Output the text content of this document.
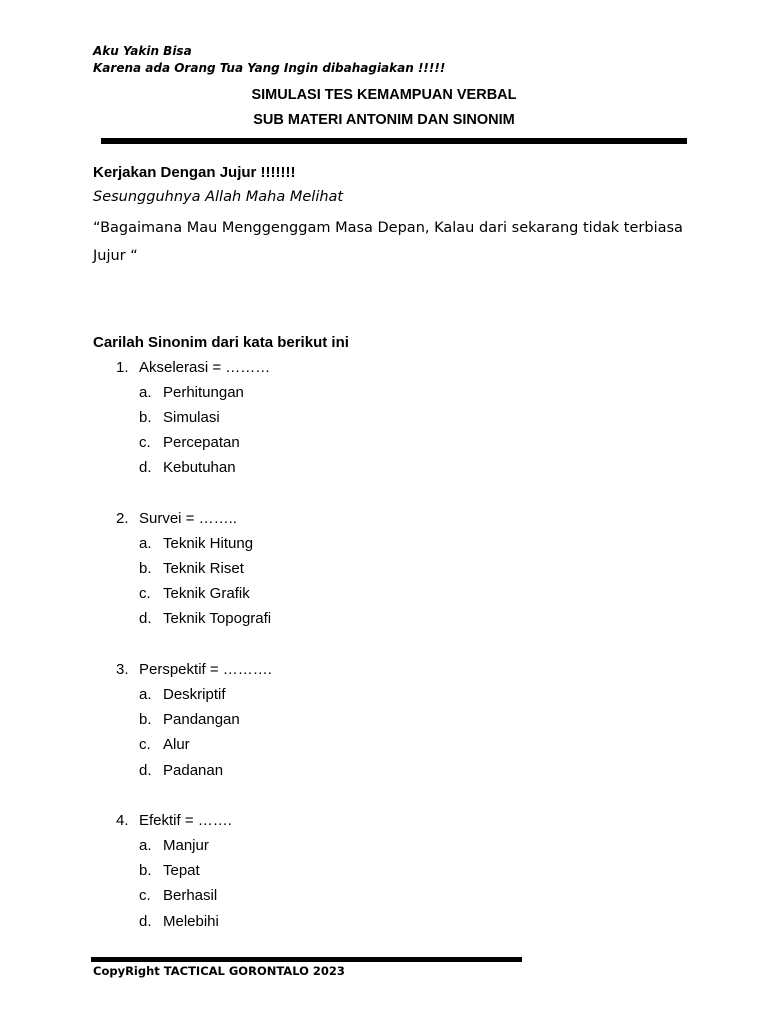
Aku Yakin Bisa
Karena ada Orang Tua Yang Ingin dibahagiakan !!!!!
SIMULASI TES KEMAMPUAN VERBAL
SUB MATERI ANTONIM DAN SINONIM
Kerjakan Dengan Jujur !!!!!!!
Sesungguhnya Allah Maha Melihat
“Bagaimana Mau Menggenggam Masa Depan, Kalau dari sekarang tidak terbiasa
Jujur “
Carilah Sinonim dari kata berikut ini
1. Akselerasi = ………
a. Perhitungan
b. Simulasi
c. Percepatan
d. Kebutuhan
2. Survei = ……..
a. Teknik Hitung
b. Teknik Riset
c. Teknik Grafik
d. Teknik Topografi
3. Perspektif = ……….
a. Deskriptif
b. Pandangan
c. Alur
d. Padanan
4. Efektif = …….
a. Manjur
b. Tepat
c. Berhasil
d. Melebihi
CopyRight TACTICAL GORONTALO 2023
